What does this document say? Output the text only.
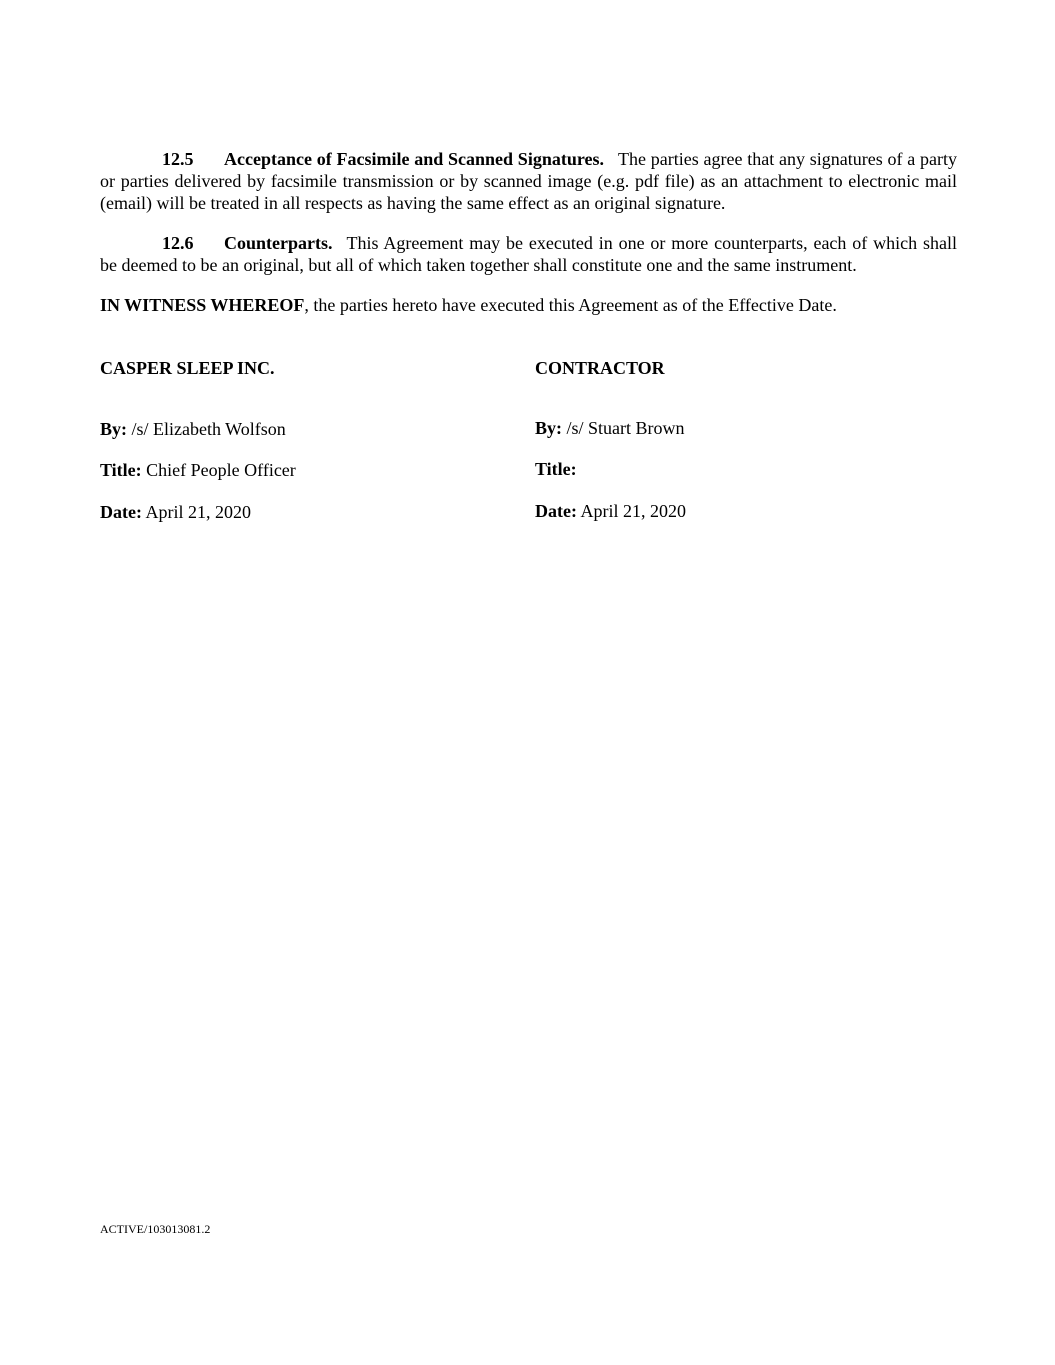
12.5 Acceptance of Facsimile and Scanned Signatures. The parties agree that any signatures of a party or parties delivered by facsimile transmission or by scanned image (e.g. pdf file) as an attachment to electronic mail (email) will be treated in all respects as having the same effect as an original signature.

12.6 Counterparts. This Agreement may be executed in one or more counterparts, each of which shall be deemed to be an original, but all of which taken together shall constitute one and the same instrument.

IN WITNESS WHEREOF, the parties hereto have executed this Agreement as of the Effective Date.

CASPER SLEEP INC.
By: /s/ Elizabeth Wolfson
Title: Chief People Officer
Date: April 21, 2020
CONTRACTOR
By: /s/ Stuart Brown
Title:
Date: April 21, 2020
ACTIVE/103013081.2
